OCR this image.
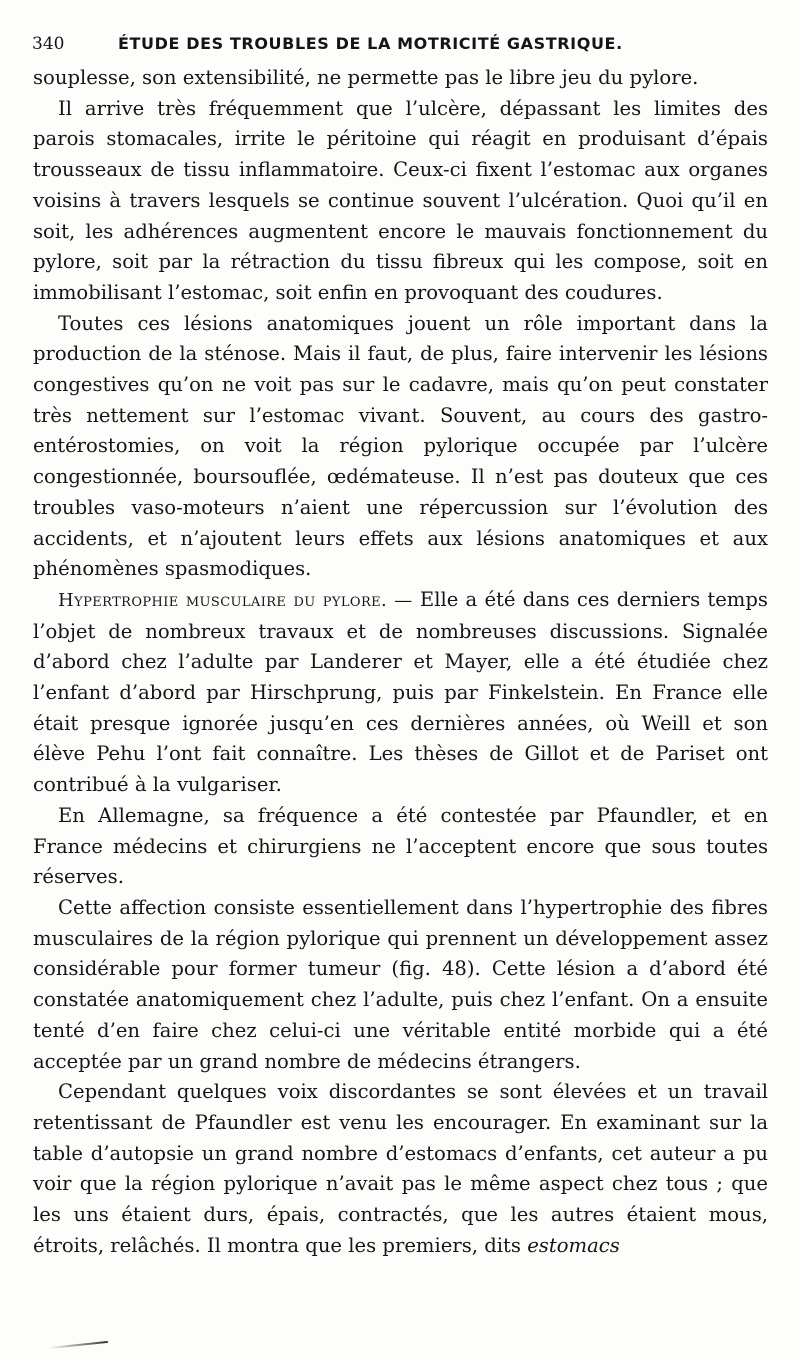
340	ÉTUDE DES TROUBLES DE LA MOTRICITÉ GASTRIQUE.

souplesse, son extensibilité, ne permette pas le libre jeu du pylore.

Il arrive très fréquemment que l’ulcère, dépassant les limites des parois stomacales, irrite le péritoine qui réagit en produisant d’épais trousseaux de tissu inflammatoire. Ceux-ci fixent l’estomac aux organes voisins à travers lesquels se continue souvent l’ulcération. Quoi qu’il en soit, les adhérences augmentent encore le mauvais fonctionnement du pylore, soit par la rétraction du tissu fibreux qui les compose, soit en immobilisant l’estomac, soit enfin en provoquant des coudures.

Toutes ces lésions anatomiques jouent un rôle important dans la production de la sténose. Mais il faut, de plus, faire intervenir les lésions congestives qu’on ne voit pas sur le cadavre, mais qu’on peut constater très nettement sur l’estomac vivant. Souvent, au cours des gastro-entérostomies, on voit la région pylorique occupée par l’ulcère congestionnée, boursouflée, œdémateuse. Il n’est pas douteux que ces troubles vaso-moteurs n’aient une répercussion sur l’évolution des accidents, et n’ajoutent leurs effets aux lésions anatomiques et aux phénomènes spasmodiques.

Hypertrophie musculaire du pylore. — Elle a été dans ces derniers temps l’objet de nombreux travaux et de nombreuses discussions. Signalée d’abord chez l’adulte par Landerer et Mayer, elle a été étudiée chez l’enfant d’abord par Hirschprung, puis par Finkelstein. En France elle était presque ignorée jusqu’en ces dernières années, où Weill et son élève Pehu l’ont fait connaître. Les thèses de Gillot et de Pariset ont contribué à la vulgariser.

En Allemagne, sa fréquence a été contestée par Pfaundler, et en France médecins et chirurgiens ne l’acceptent encore que sous toutes réserves.

Cette affection consiste essentiellement dans l’hypertrophie des fibres musculaires de la région pylorique qui prennent un développement assez considérable pour former tumeur (fig. 48). Cette lésion a d’abord été constatée anatomiquement chez l’adulte, puis chez l’enfant. On a ensuite tenté d’en faire chez celui-ci une véritable entité morbide qui a été acceptée par un grand nombre de médecins étrangers.

Cependant quelques voix discordantes se sont élevées et un travail retentissant de Pfaundler est venu les encourager. En examinant sur la table d’autopsie un grand nombre d’estomacs d’enfants, cet auteur a pu voir que la région pylorique n’avait pas le même aspect chez tous ; que les uns étaient durs, épais, contractés, que les autres étaient mous, étroits, relâchés. Il montra que les premiers, dits estomacs
